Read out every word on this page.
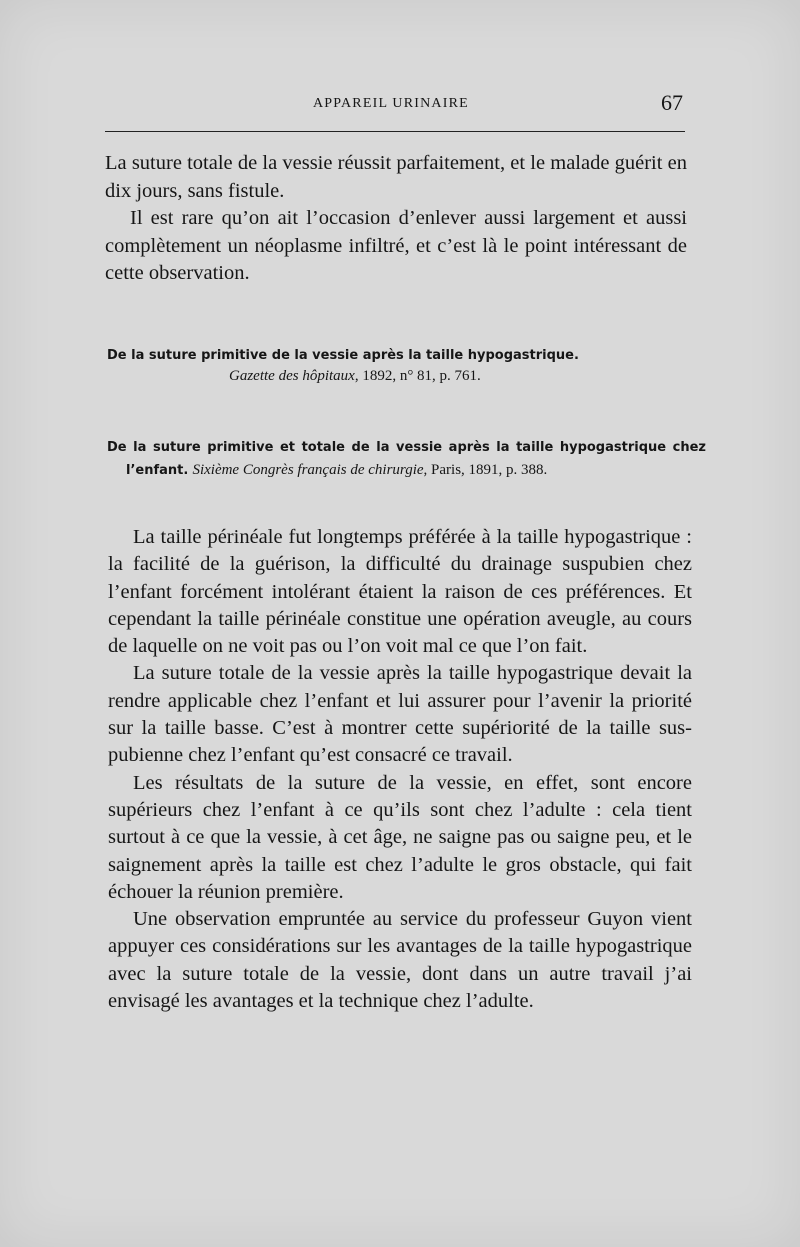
APPAREIL URINAIRE	67

La suture totale de la vessie réussit parfaitement, et le malade guérit en dix jours, sans fistule.

Il est rare qu’on ait l’occasion d’enlever aussi largement et aussi complètement un néoplasme infiltré, et c’est là le point intéressant de cette observation.

De la suture primitive de la vessie après la taille hypogastrique.
Gazette des hôpitaux, 1892, n° 81, p. 761.
De la suture primitive et totale de la vessie après la taille hypogastrique chez l’enfant. Sixième Congrès français de chirurgie, Paris, 1891, p. 388.

La taille périnéale fut longtemps préférée à la taille hypogastrique : la facilité de la guérison, la difficulté du drainage suspubien chez l’enfant forcément intolérant étaient la raison de ces préférences. Et cependant la taille périnéale constitue une opération aveugle, au cours de laquelle on ne voit pas ou l’on voit mal ce que l’on fait.

La suture totale de la vessie après la taille hypogastrique devait la rendre applicable chez l’enfant et lui assurer pour l’avenir la priorité sur la taille basse. C’est à montrer cette supériorité de la taille sus-pubienne chez l’enfant qu’est consacré ce travail.

Les résultats de la suture de la vessie, en effet, sont encore supérieurs chez l’enfant à ce qu’ils sont chez l’adulte : cela tient surtout à ce que la vessie, à cet âge, ne saigne pas ou saigne peu, et le saignement après la taille est chez l’adulte le gros obstacle, qui fait échouer la réunion première.

Une observation empruntée au service du professeur Guyon vient appuyer ces considérations sur les avantages de la taille hypogastrique avec la suture totale de la vessie, dont dans un autre travail j’ai envisagé les avantages et la technique chez l’adulte.
